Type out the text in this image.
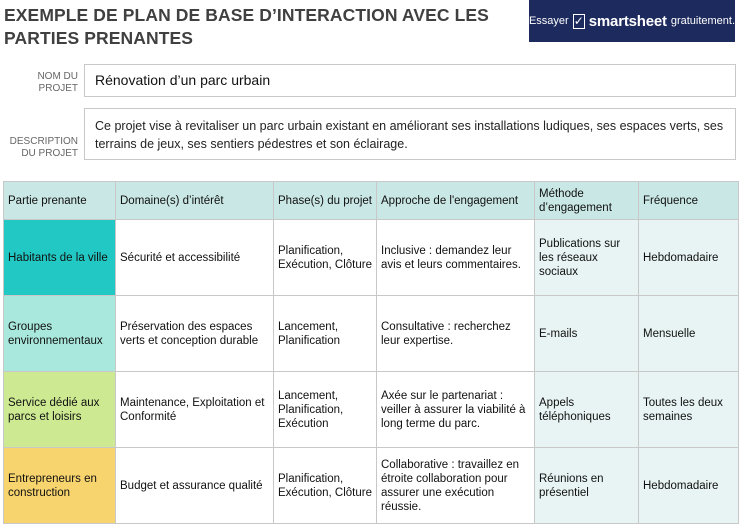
EXEMPLE DE PLAN DE BASE D’INTERACTION AVEC LES PARTIES PRENANTES
Essayer ✓ smartsheet gratuitement.
NOM DU PROJET
Rénovation d’un parc urbain
DESCRIPTION DU PROJET
Ce projet vise à revitaliser un parc urbain existant en améliorant ses installations ludiques, ses espaces verts, ses terrains de jeux, ses sentiers pédestres et son éclairage.
Partie prenante	Domaine(s) d’intérêt	Phase(s) du projet	Approche de l'engagement	Méthode d’engagement	Fréquence
Habitants de la ville	Sécurité et accessibilité	Planification, Exécution, Clôture	Inclusive : demandez leur avis et leurs commentaires.	Publications sur les réseaux sociaux	Hebdomadaire
Groupes environnementaux	Préservation des espaces verts et conception durable	Lancement, Planification	Consultative : recherchez leur expertise.	E-mails	Mensuelle
Service dédié aux parcs et loisirs	Maintenance, Exploitation et Conformité	Lancement, Planification, Exécution	Axée sur le partenariat : veiller à assurer la viabilité à long terme du parc.	Appels téléphoniques	Toutes les deux semaines
Entrepreneurs en construction	Budget et assurance qualité	Planification, Exécution, Clôture	Collaborative : travaillez en étroite collaboration pour assurer une exécution réussie.	Réunions en présentiel	Hebdomadaire
